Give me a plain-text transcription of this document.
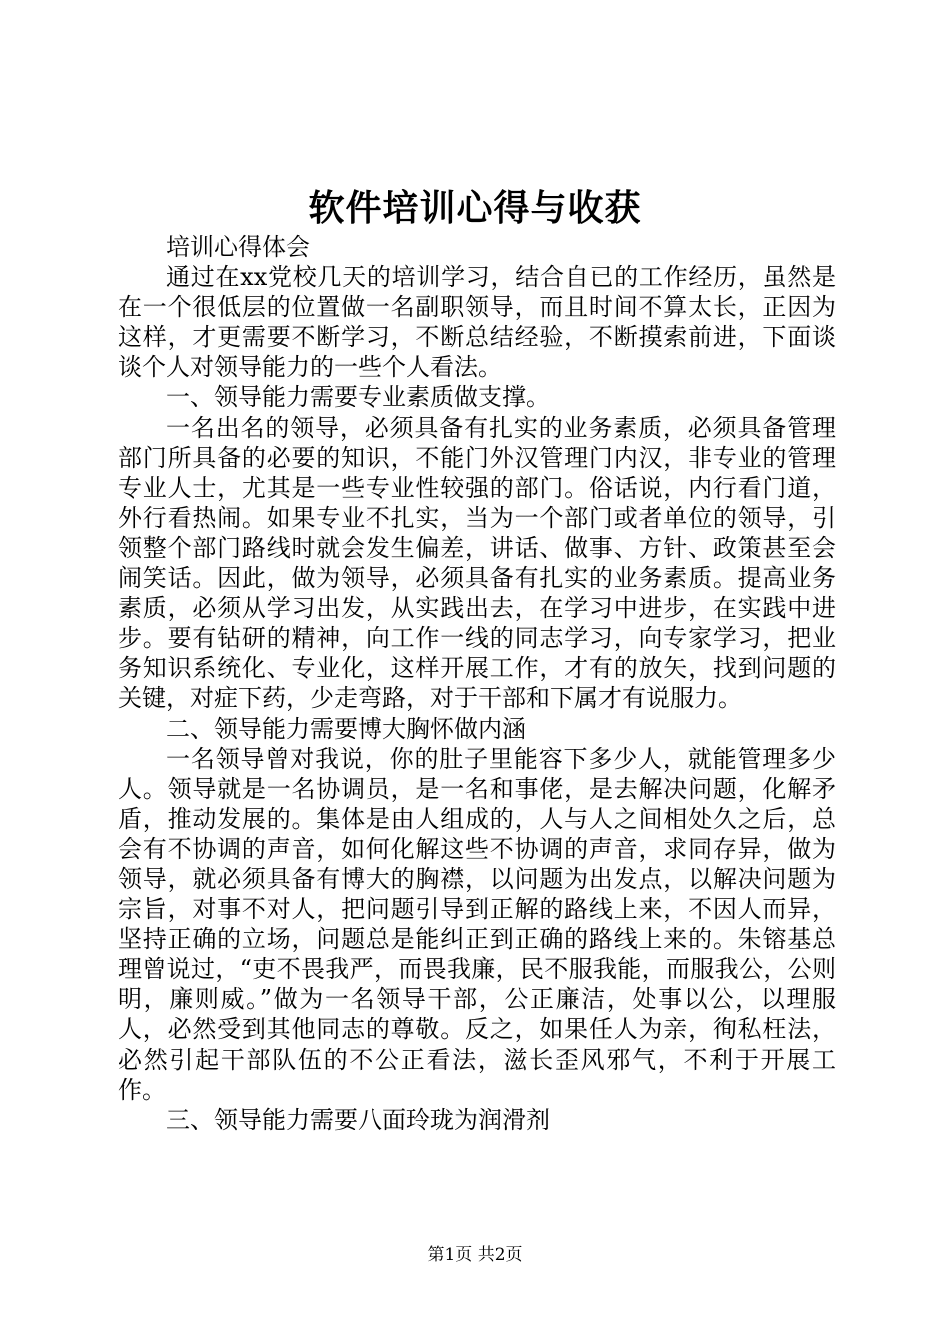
软件培训心得与收获

培训心得体会

通过在xx党校几天的培训学习，结合自已的工作经历，虽然是在一个很低层的位置做一名副职领导，而且时间不算太长，正因为这样，才更需要不断学习，不断总结经验，不断摸索前进，下面谈谈个人对领导能力的一些个人看法。

一、领导能力需要专业素质做支撑。

一名出名的领导，必须具备有扎实的业务素质，必须具备管理部门所具备的必要的知识，不能门外汉管理门内汉，非专业的管理专业人士，尤其是一些专业性较强的部门。俗话说，内行看门道，外行看热闹。如果专业不扎实，当为一个部门或者单位的领导，引领整个部门路线时就会发生偏差，讲话、做事、方针、政策甚至会闹笑话。因此，做为领导，必须具备有扎实的业务素质。提高业务素质，必须从学习出发，从实践出去，在学习中进步，在实践中进步。要有钻研的精神，向工作一线的同志学习，向专家学习，把业务知识系统化、专业化，这样开展工作，才有的放矢，找到问题的关键，对症下药，少走弯路，对于干部和下属才有说服力。

二、领导能力需要博大胸怀做内涵

一名领导曾对我说，你的肚子里能容下多少人，就能管理多少人。领导就是一名协调员，是一名和事佬，是去解决问题，化解矛盾，推动发展的。集体是由人组成的，人与人之间相处久之后，总会有不协调的声音，如何化解这些不协调的声音，求同存异，做为领导，就必须具备有博大的胸襟，以问题为出发点，以解决问题为宗旨，对事不对人，把问题引导到正解的路线上来，不因人而异，坚持正确的立场，问题总是能纠正到正确的路线上来的。朱镕基总理曾说过，“吏不畏我严，而畏我廉，民不服我能，而服我公，公则明，廉则威。”做为一名领导干部，公正廉洁，处事以公，以理服人，必然受到其他同志的尊敬。反之，如果任人为亲，徇私枉法，必然引起干部队伍的不公正看法，滋长歪风邪气，不利于开展工作。

三、领导能力需要八面玲珑为润滑剂

第1页 共2页
